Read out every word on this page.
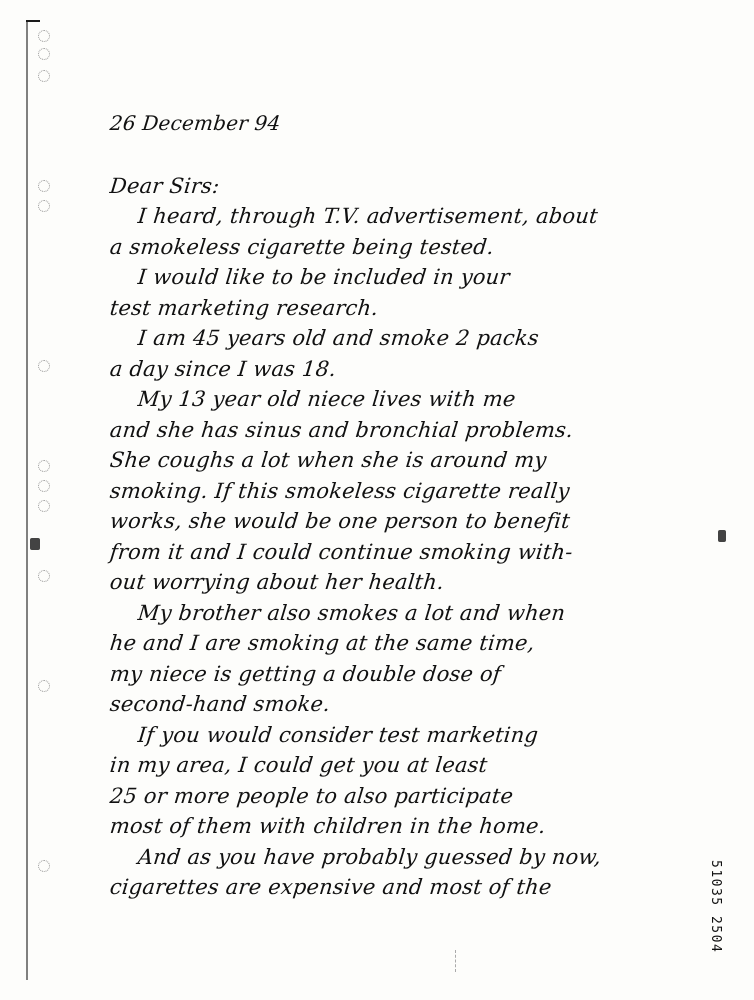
26 December 94
Dear Sirs:
I heard, through T.V. advertisement, about
a smokeless cigarette being tested.
I would like to be included in your
test marketing research.
I am 45 years old and smoke 2 packs
a day since I was 18.
My 13 year old niece lives with me
and she has sinus and bronchial problems.
She coughs a lot when she is around my
smoking. If this smokeless cigarette really
works, she would be one person to benefit
from it and I could continue smoking with-
out worrying about her health.
My brother also smokes a lot and when
he and I are smoking at the same time,
my niece is getting a double dose of
second-hand smoke.
If you would consider test marketing
in my area, I could get you at least
25 or more people to also participate
most of them with children in the home.
And as you have probably guessed by now,
cigarettes are expensive and most of the	51035 2504
